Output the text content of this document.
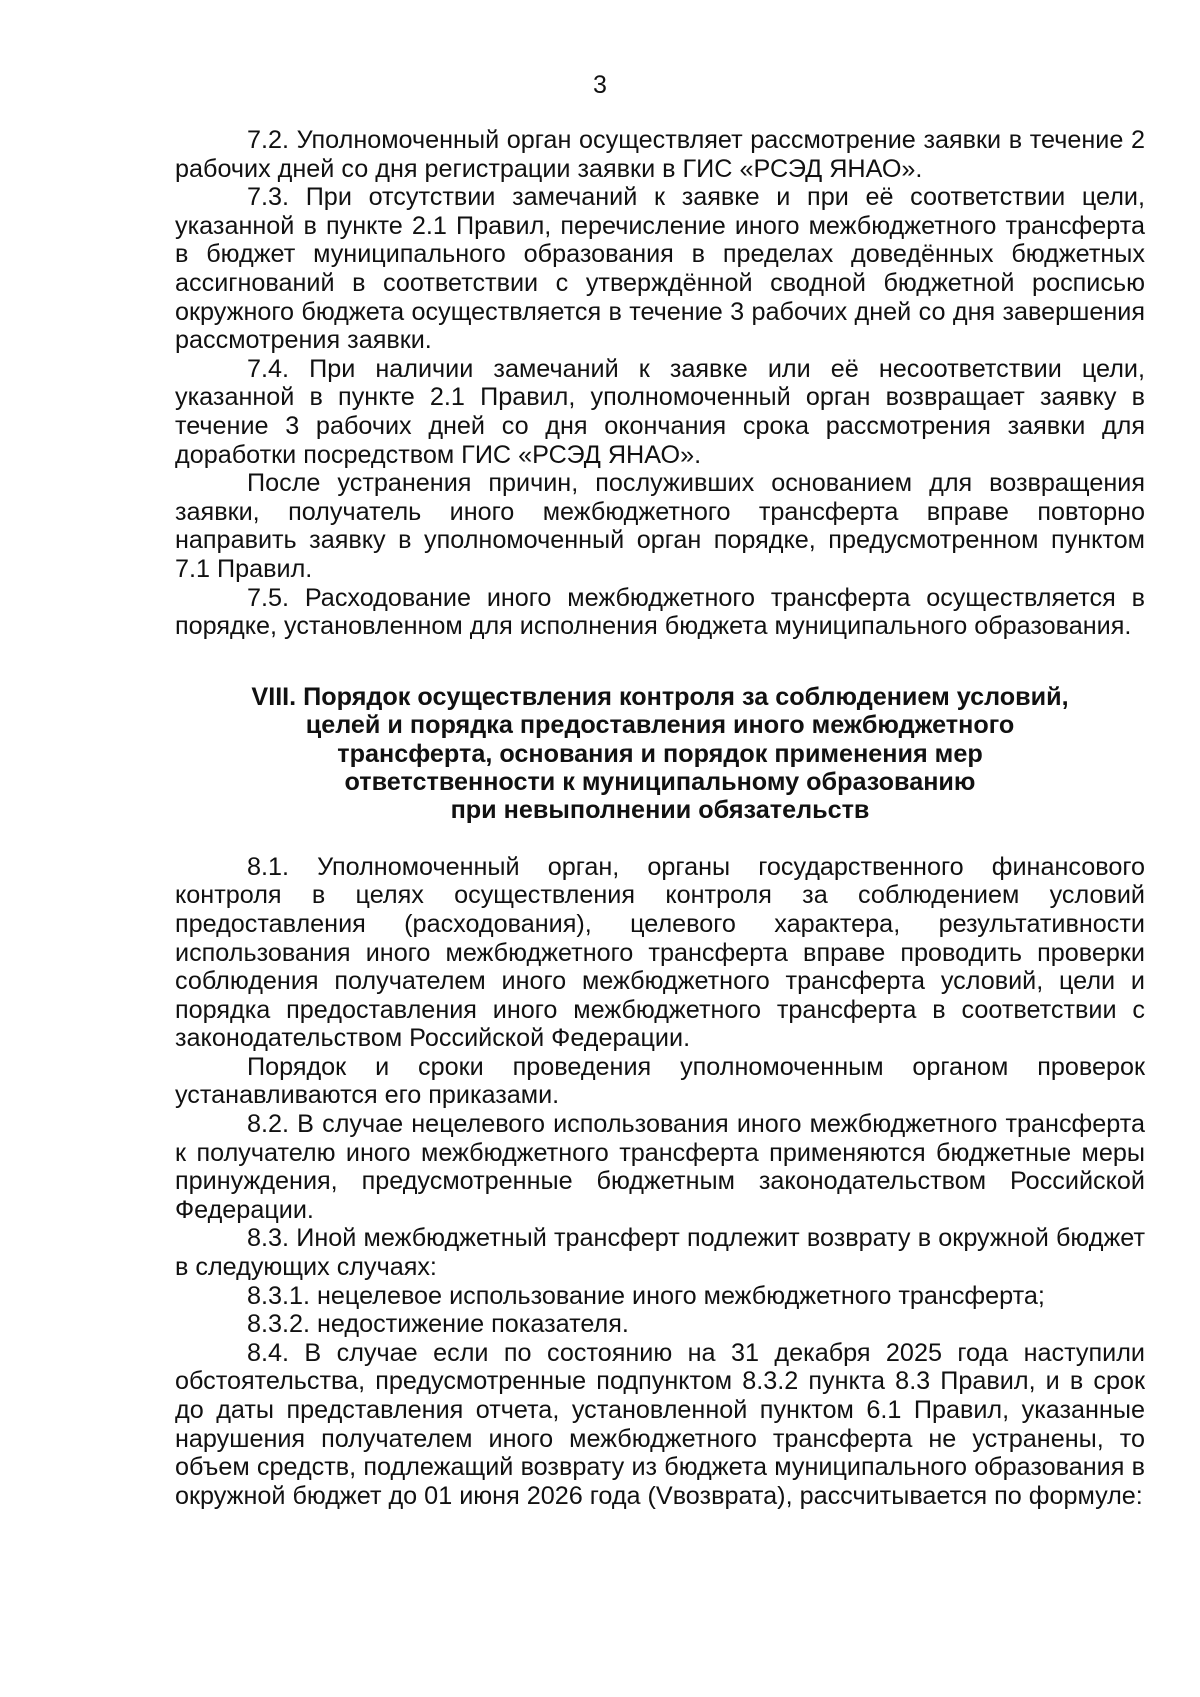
3

7.2. Уполномоченный орган осуществляет рассмотрение заявки в течение 2 рабочих дней со дня регистрации заявки в ГИС «РСЭД ЯНАО».

7.3. При отсутствии замечаний к заявке и при её соответствии цели, указанной в пункте 2.1 Правил, перечисление иного межбюджетного трансферта в бюджет муниципального образования в пределах доведённых бюджетных ассигнований в соответствии с утверждённой сводной бюджетной росписью окружного бюджета осуществляется в течение 3 рабочих дней со дня завершения рассмотрения заявки.

7.4. При наличии замечаний к заявке или её несоответствии цели, указанной в пункте 2.1 Правил, уполномоченный орган возвращает заявку в течение 3 рабочих дней со дня окончания срока рассмотрения заявки для доработки посредством ГИС «РСЭД ЯНАО».

После устранения причин, послуживших основанием для возвращения заявки, получатель иного межбюджетного трансферта вправе повторно направить заявку в уполномоченный орган порядке, предусмотренном пунктом 7.1 Правил.

7.5. Расходование иного межбюджетного трансферта осуществляется в порядке, установленном для исполнения бюджета муниципального образования.

VIII. Порядок осуществления контроля за соблюдением условий,
целей и порядка предоставления иного межбюджетного
трансферта, основания и порядок применения мер
ответственности к муниципальному образованию
при невыполнении обязательств

8.1. Уполномоченный орган, органы государственного финансового контроля в целях осуществления контроля за соблюдением условий предоставления (расходования), целевого характера, результативности использования иного межбюджетного трансферта вправе проводить проверки соблюдения получателем иного межбюджетного трансферта условий, цели и порядка предоставления иного межбюджетного трансферта в соответствии с законодательством Российской Федерации.

Порядок и сроки проведения уполномоченным органом проверок устанавливаются его приказами.

8.2. В случае нецелевого использования иного межбюджетного трансферта к получателю иного межбюджетного трансферта применяются бюджетные меры принуждения, предусмотренные бюджетным законодательством Российской Федерации.

8.3. Иной межбюджетный трансферт подлежит возврату в окружной бюджет в следующих случаях:

8.3.1. нецелевое использование иного межбюджетного трансферта;

8.3.2. недостижение показателя.

8.4. В случае если по состоянию на 31 декабря 2025 года наступили обстоятельства, предусмотренные подпунктом 8.3.2 пункта 8.3 Правил, и в срок до даты представления отчета, установленной пунктом 6.1 Правил, указанные нарушения получателем иного межбюджетного трансферта не устранены, то объем средств, подлежащий возврату из бюджета муниципального образования в окружной бюджет до 01 июня 2026 года (Vвозврата), рассчитывается по формуле:
